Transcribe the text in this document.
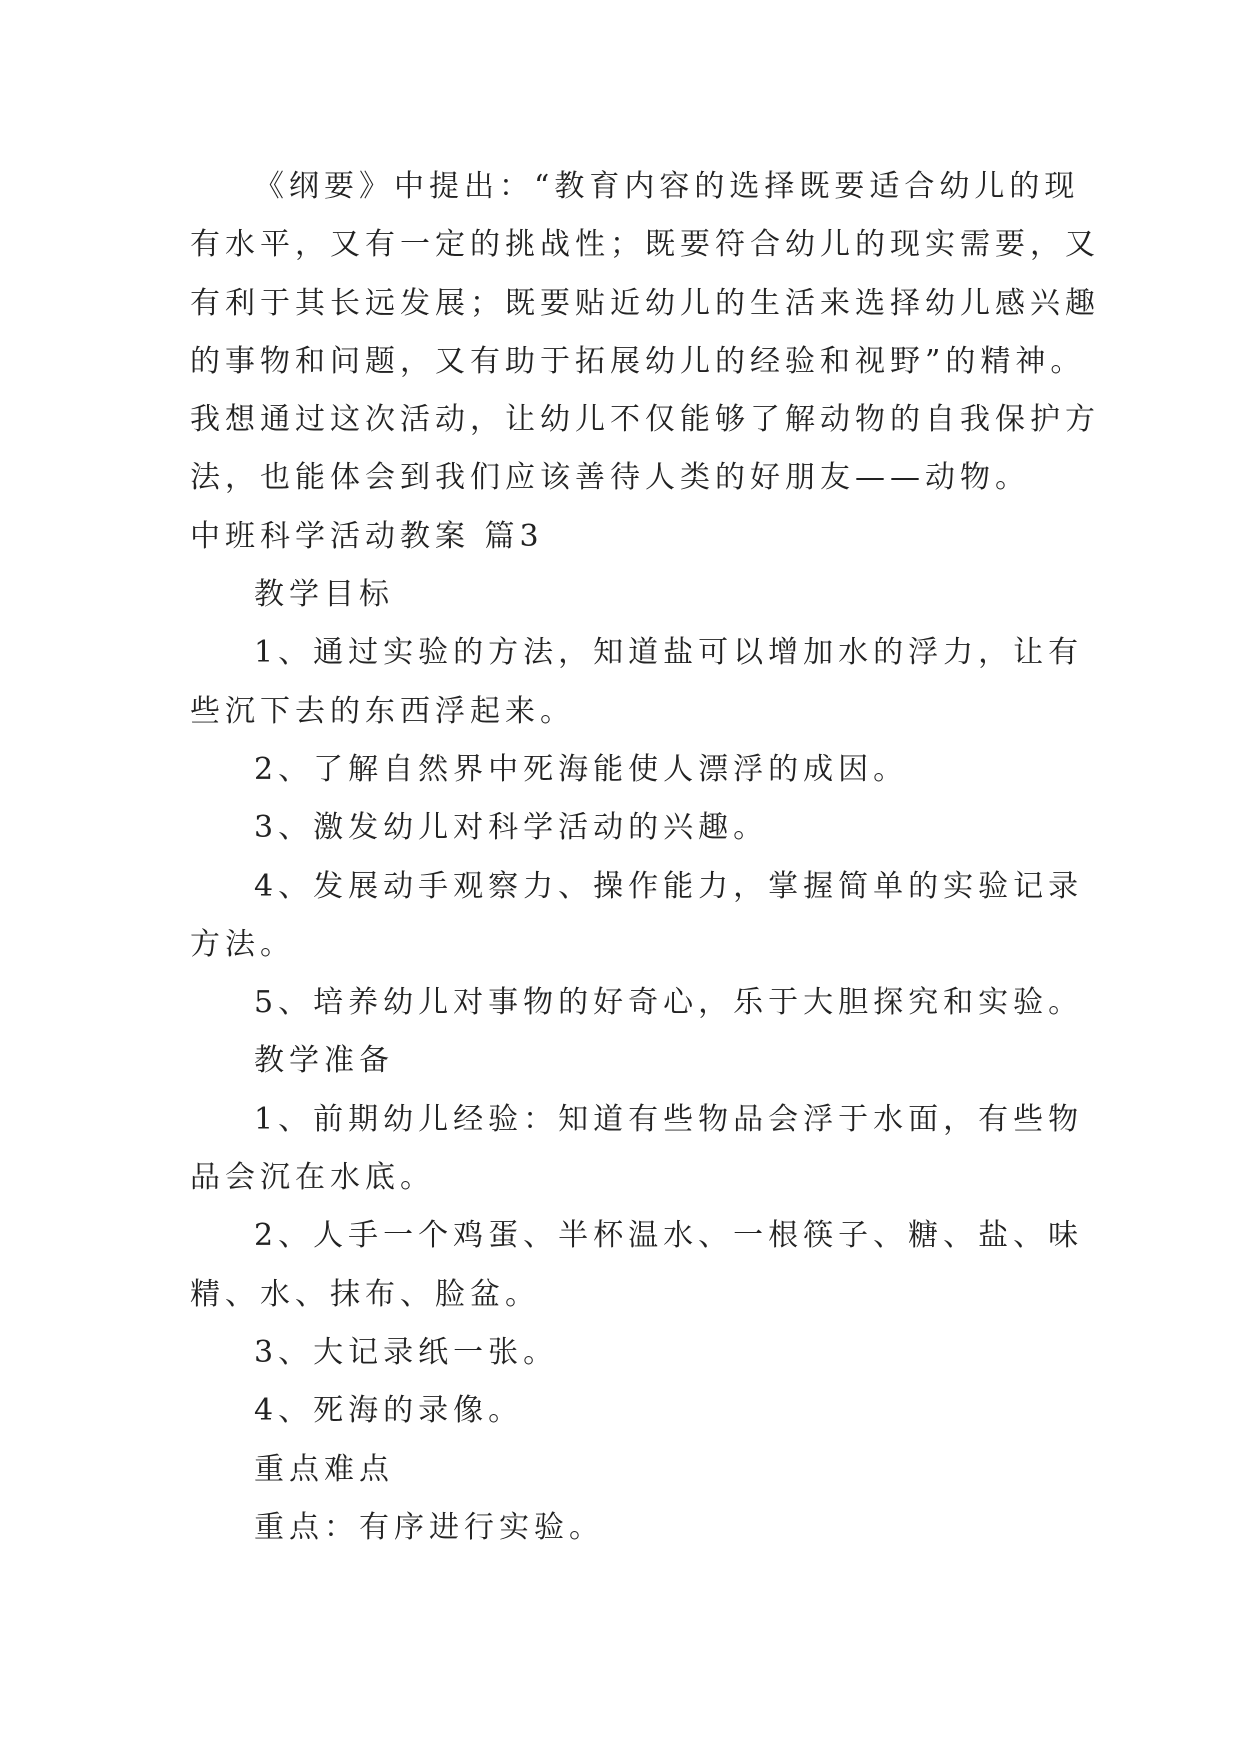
《纲要》中提出：“教育内容的选择既要适合幼儿的现
有水平，又有一定的挑战性；既要符合幼儿的现实需要，又
有利于其长远发展；既要贴近幼儿的生活来选择幼儿感兴趣
的事物和问题，又有助于拓展幼儿的经验和视野”的精神。
我想通过这次活动，让幼儿不仅能够了解动物的自我保护方
法，也能体会到我们应该善待人类的好朋友——动物。
中班科学活动教案 篇3
教学目标
1、通过实验的方法，知道盐可以增加水的浮力，让有
些沉下去的东西浮起来。
2、了解自然界中死海能使人漂浮的成因。
3、激发幼儿对科学活动的兴趣。
4、发展动手观察力、操作能力，掌握简单的实验记录
方法。
5、培养幼儿对事物的好奇心，乐于大胆探究和实验。
教学准备
1、前期幼儿经验：知道有些物品会浮于水面，有些物
品会沉在水底。
2、人手一个鸡蛋、半杯温水、一根筷子、糖、盐、味
精、水、抹布、脸盆。
3、大记录纸一张。
4、死海的录像。
重点难点
重点：有序进行实验。
